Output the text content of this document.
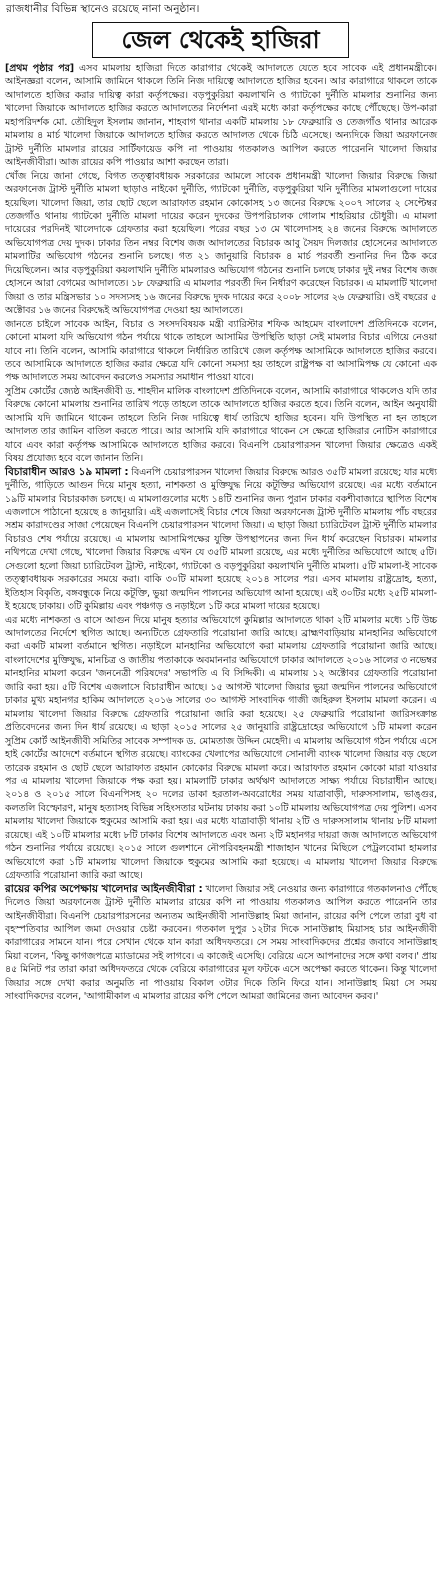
রাজধানীর বিভিন্ন স্থানেও রয়েছে নানা অনুষ্ঠান।
জেল থেকেই হাজিরা

[প্রথম পৃষ্ঠার পর] এসব মামলায় হাজিরা দিতে কারাগার থেকেই আদালতে যেতে হবে সাবেক এই প্রধানমন্ত্রীকে। আইনজ্ঞরা বলেন, আসামি জামিনে থাকলে তিনি নিজ দায়িত্বে আদালতে হাজির হবেন। আর কারাগারে থাকলে তাকে আদালতে হাজির করার দায়িত্ব কারা কর্তৃপক্ষের। বড়পুকুরিয়া কয়লাখনি ও গ্যাটকো দুর্নীতি মামলার শুনানির জন্য খালেদা জিয়াকে আদালতে হাজির করতে আদালতের নির্দেশনা এরই মধ্যে কারা কর্তৃপক্ষের কাছে পৌঁছেছে। উপ-কারা মহাপরিদর্শক মো. তৌহিদুল ইসলাম জানান, শাহবাগ থানার একটি মামলায় ১৮ ফেব্রুয়ারি ও তেজগাঁও থানার আরেক মামলায় ৪ মার্চ খালেদা জিয়াকে আদালতে হাজির করতে আদালত থেকে চিঠি এসেছে। অন্যদিকে জিয়া অরফানেজ ট্রাস্ট দুর্নীতি মামলার রায়ের সার্টিফায়েড কপি না পাওয়ায় গতকালও আপিল করতে পারেননি খালেদা জিয়ার আইনজীবীরা। আজ রায়ের কপি পাওয়ার আশা করছেন তারা।

খোঁজ নিয়ে জানা গেছে, বিগত তত্ত্বাবধায়ক সরকারের আমলে সাবেক প্রধানমন্ত্রী খালেদা জিয়ার বিরুদ্ধে জিয়া অরফানেজ ট্রাস্ট দুর্নীতি মামলা ছাড়াও নাইকো দুর্নীতি, গ্যাটকো দুর্নীতি, বড়পুকুরিয়া খনি দুর্নীতির মামলাগুলো দায়ের হয়েছিল। খালেদা জিয়া, তার ছোট ছেলে আরাফাত রহমান কোকোসহ ১৩ জনের বিরুদ্ধে ২০০৭ সালের ২ সেপ্টেম্বর তেজগাঁও থানায় গ্যাটকো দুর্নীতি মামলা দায়ের করেন দুদকের উপপরিচালক গোলাম শাহরিয়ার চৌধুরী। এ মামলা দায়েরের পরদিনই খালেদাকে গ্রেফতার করা হয়েছিল। পরের বছর ১৩ মে খালেদাসহ ২৪ জনের বিরুদ্ধে আদালতে অভিযোগপত্র দেয় দুদক। ঢাকার তিন নম্বর বিশেষ জজ আদালতের বিচারক আবু সৈয়দ দিলজার হোসেনের আদালতে মামলাটির অভিযোগ গঠনের শুনানি চলছে। গত ২১ জানুয়ারি বিচারক ৪ মার্চ পরবর্তী শুনানির দিন ঠিক করে দিয়েছিলেন। আর বড়পুকুরিয়া কয়লাখনি দুর্নীতি মামলারও অভিযোগ গঠনের শুনানি চলছে ঢাকার দুই নম্বর বিশেষ জজ হোসনে আরা বেগমের আদালতে। ১৮ ফেব্রুয়ারি এ মামলার পরবর্তী দিন নির্ধারণ করেছেন বিচারক। এ মামলাটি খালেদা জিয়া ও তার মন্ত্রিসভার ১০ সদস্যসহ ১৬ জনের বিরুদ্ধে দুদক দায়ের করে ২০০৮ সালের ২৬ ফেব্রুয়ারি। ওই বছরের ৫ অক্টোবর ১৬ জনের বিরুদ্ধেই অভিযোগপত্র দেওয়া হয় আদালতে।

জানতে চাইলে সাবেক আইন, বিচার ও সংসদবিষয়ক মন্ত্রী ব্যারিস্টার শফিক আহমেদ বাংলাদেশ প্রতিদিনকে বলেন, কোনো মামলা যদি অভিযোগ গঠন পর্যায়ে থাকে তাহলে আসামির উপস্থিতি ছাড়া সেই মামলার বিচার এগিয়ে নেওয়া যাবে না। তিনি বলেন, আসামি কারাগারে থাকলে নির্ধারিত তারিখে জেল কর্তৃপক্ষ আসামিকে আদালতে হাজির করবে। তবে আসামিকে আদালতে হাজির করার ক্ষেত্রে যদি কোনো সমস্যা হয় তাহলে রাষ্ট্রপক্ষ বা আসামিপক্ষ যে কোনো এক পক্ষ আদালতে সময় আবেদন করলেও সমস্যার সমাধান পাওয়া যাবে।

সুপ্রিম কোর্টের জ্যেষ্ঠ আইনজীবী ড. শাহদীন মালিক বাংলাদেশ প্রতিদিনকে বলেন, আসামি কারাগারে থাকলেও যদি তার বিরুদ্ধে কোনো মামলায় শুনানির তারিখ পড়ে তাহলে তাকে আদালতে হাজির করতে হবে। তিনি বলেন, আইন অনুযায়ী আসামি যদি জামিনে থাকেন তাহলে তিনি নিজ দায়িত্বে ধার্য তারিখে হাজির হবেন। যদি উপস্থিত না হন তাহলে আদালত তার জামিন বাতিল করতে পারে। আর আসামি যদি কারাগারে থাকেন সে ক্ষেত্রে হাজিরার নোটিস কারাগারে যাবে এবং কারা কর্তৃপক্ষ আসামিকে আদালতে হাজির করবে। বিএনপি চেয়ারপারসন খালেদা জিয়ার ক্ষেত্রেও একই বিষয় প্রযোজ্য হবে বলে জানান তিনি।

বিচারাধীন আরও ১৯ মামলা : বিএনপি চেয়ারপারসন খালেদা জিয়ার বিরুদ্ধে আরও ৩৫টি মামলা রয়েছে; যার মধ্যে দুর্নীতি, গাড়িতে আগুন দিয়ে মানুষ হত্যা, নাশকতা ও মুক্তিযুদ্ধ নিয়ে কটূক্তির অভিযোগ রয়েছে। এর মধ্যে বর্তমানে ১৯টি মামলার বিচারকাজ চলছে। এ মামলাগুলোর মধ্যে ১৪টি শুনানির জন্য পুরান ঢাকার বকশীবাজারে স্থাপিত বিশেষ এজলাসে পাঠানো হয়েছে ৪ জানুয়ারি। এই এজলাসেই বিচার শেষে জিয়া অরফানেজ ট্রাস্ট দুর্নীতি মামলায় পাঁচ বছরের সশ্রম কারাদণ্ডের সাজা পেয়েছেন বিএনপি চেয়ারপারসন খালেদা জিয়া। এ ছাড়া জিয়া চ্যারিটেবল ট্রাস্ট দুর্নীতি মামলার বিচারও শেষ পর্যায়ে রয়েছে। এ মামলায় আসামিপক্ষের যুক্তি উপস্থাপনের জন্য দিন ধার্য করেছেন বিচারক। মামলার নথিপত্রে দেখা গেছে, খালেদা জিয়ার বিরুদ্ধে এখন যে ৩৫টি মামলা রয়েছে, এর মধ্যে দুর্নীতির অভিযোগে আছে ৫টি। সেগুলো হলো জিয়া চ্যারিটেবল ট্রাস্ট, নাইকো, গ্যাটকো ও বড়পুকুরিয়া কয়লাখনি দুর্নীতি মামলা। ৫টি মামলা-ই সাবেক তত্ত্বাবধায়ক সরকারের সময়ে করা। বাকি ৩০টি মামলা হয়েছে ২০১৪ সালের পর। এসব মামলায় রাষ্ট্রদ্রোহ, হত্যা, ইতিহাস বিকৃতি, বঙ্গবন্ধুকে নিয়ে কটূক্তি, ভুয়া জন্মদিন পালনের অভিযোগ আনা হয়েছে। এই ৩০টির মধ্যে ২৫টি মামলা-ই হয়েছে ঢাকায়। ৩টি কুমিল্লায় এবং পঞ্চগড় ও নড়াইলে ১টি করে মামলা দায়ের হয়েছে।

এর মধ্যে নাশকতা ও বাসে আগুন দিয়ে মানুষ হত্যার অভিযোগে কুমিল্লার আদালতে থাকা ২টি মামলার মধ্যে ১টি উচ্চ আদালতের নির্দেশে স্থগিত আছে। অন্যটিতে গ্রেফতারি পরোয়ানা জারি আছে। ব্রাহ্মণবাড়িয়ায় মানহানির অভিযোগে করা একটি মামলা বর্তমানে স্থগিত। নড়াইলে মানহানির অভিযোগে করা মামলায় গ্রেফতারি পরোয়ানা জারি আছে। বাংলাদেশের মুক্তিযুদ্ধ, মানচিত্র ও জাতীয় পতাকাকে অবমাননার অভিযোগে ঢাকার আদালতে ২০১৬ সালের ৩ নভেম্বর মানহানির মামলা করেন 'জননেত্রী পরিষদের' সভাপতি এ বি সিদ্দিকী। এ মামলায় ১২ অক্টোবর গ্রেফতারি পরোয়ানা জারি করা হয়। ৫টি বিশেষ এজলাসে বিচারাধীন আছে। ১৫ আগস্ট খালেদা জিয়ার ভুয়া জন্মদিন পালনের অভিযোগে ঢাকার মুখ্য মহানগর হাকিম আদালতে ২০১৬ সালের ৩০ আগস্ট সাংবাদিক গাজী জহিরুল ইসলাম মামলা করেন। এ মামলায় খালেদা জিয়ার বিরুদ্ধে গ্রেফতারি পরোয়ানা জারি করা হয়েছে। ২৫ ফেব্রুয়ারি পরোয়ানা জারিসংক্রান্ত প্রতিবেদনের জন্য দিন ধার্য রয়েছে। এ ছাড়া ২০১৫ সালের ২৫ জানুয়ারি রাষ্ট্রদ্রোহের অভিযোগে ১টি মামলা করেন সুপ্রিম কোর্ট আইনজীবী সমিতির সাবেক সম্পাদক ড. মোমতাজ উদ্দিন মেহেদী। এ মামলায় অভিযোগ গঠন পর্যায়ে এসে হাই কোর্টের আদেশে বর্তমানে স্থগিত রয়েছে। ব্যাংকের খেলাপের অভিযোগে সোনালী ব্যাংক খালেদা জিয়ার বড় ছেলে তারেক রহমান ও ছোট ছেলে আরাফাত রহমান কোকোর বিরুদ্ধে মামলা করে। আরাফাত রহমান কোকো মারা যাওয়ার পর এ মামলায় খালেদা জিয়াকে পক্ষ করা হয়। মামলাটি ঢাকার অর্থঋণ আদালতে সাক্ষ্য পর্যায়ে বিচারাধীন আছে। ২০১৪ ও ২০১৫ সালে বিএনপিসহ ২০ দলের ডাকা হরতাল-অবরোধের সময় যাত্রাবাড়ী, দারুসসালাম, ভাঙ্গুর, কলতলি বিস্ফোরণ, মানুষ হত্যাসহ বিভিন্ন সহিংসতার ঘটনায় ঢাকায় করা ১০টি মামলায় অভিযোগপত্র দেয় পুলিশ। এসব মামলায় খালেদা জিয়াকে হুকুমের আসামি করা হয়। এর মধ্যে যাত্রাবাড়ী থানায় ২টি ও দারুসসালাম থানায় ৮টি মামলা রয়েছে। এই ১০টি মামলার মধ্যে ৮টি ঢাকার বিশেষ আদালতে এবং অন্য ২টি মহানগর দায়রা জজ আদালতে অভিযোগ গঠন শুনানির পর্যায়ে রয়েছে। ২০১৫ সালে গুলশানে নৌপরিবহনমন্ত্রী শাজাহান খানের মিছিলে পেট্রলবোমা হামলার অভিযোগে করা ১টি মামলায় খালেদা জিয়াকে হুকুমের আসামি করা হয়েছে। এ মামলায় খালেদা জিয়ার বিরুদ্ধে গ্রেফতারি পরোয়ানা জারি করা আছে।

রায়ের কপির অপেক্ষায় খালেদার আইনজীবীরা : খালেদা জিয়ার সই নেওয়ার জন্য কারাগারে গতকালনাও পৌঁছে দিলেও জিয়া অরফানেজ ট্রাস্ট দুর্নীতি মামলার রায়ের কপি না পাওয়ায় গতকালও আপিল করতে পারেননি তার আইনজীবীরা। বিএনপি চেয়ারপারসনের অন্যতম আইনজীবী সানাউল্লাহ মিয়া জানান, রায়ের কপি পেলে তারা বুধ বা বৃহস্পতিবার আপিল জমা দেওয়ার চেষ্টা করবেন। গতকাল দুপুর ১২টার দিকে সানাউল্লাহ মিয়াসহ চার আইনজীবী কারাগারের সামনে যান। পরে সেখান থেকে যান কারা অধিদফতরে। সে সময় সাংবাদিকদের প্রশ্নের জবাবে সানাউল্লাহ মিয়া বলেন, 'কিছু কাগজপত্রে ম্যাডামের সই লাগবে। এ কাজেই এসেছি। বেরিয়ে এসে আপনাদের সঙ্গে কথা বলব।' প্রায় ৪৫ মিনিট পর তারা কারা অধিদফতরে থেকে বেরিয়ে কারাগারের মূল ফটকে এসে অপেক্ষা করতে থাকেন। কিন্তু খালেদা জিয়ার সঙ্গে দেখা করার অনুমতি না পাওয়ায় বিকাল ৩টার দিকে তিনি ফিরে যান। সানাউল্লাহ মিয়া সে সময় সাংবাদিকদের বলেন, 'আগামীকাল এ মামলার রায়ের কপি পেলে আমরা জামিনের জন্য আবেদন করব।'
